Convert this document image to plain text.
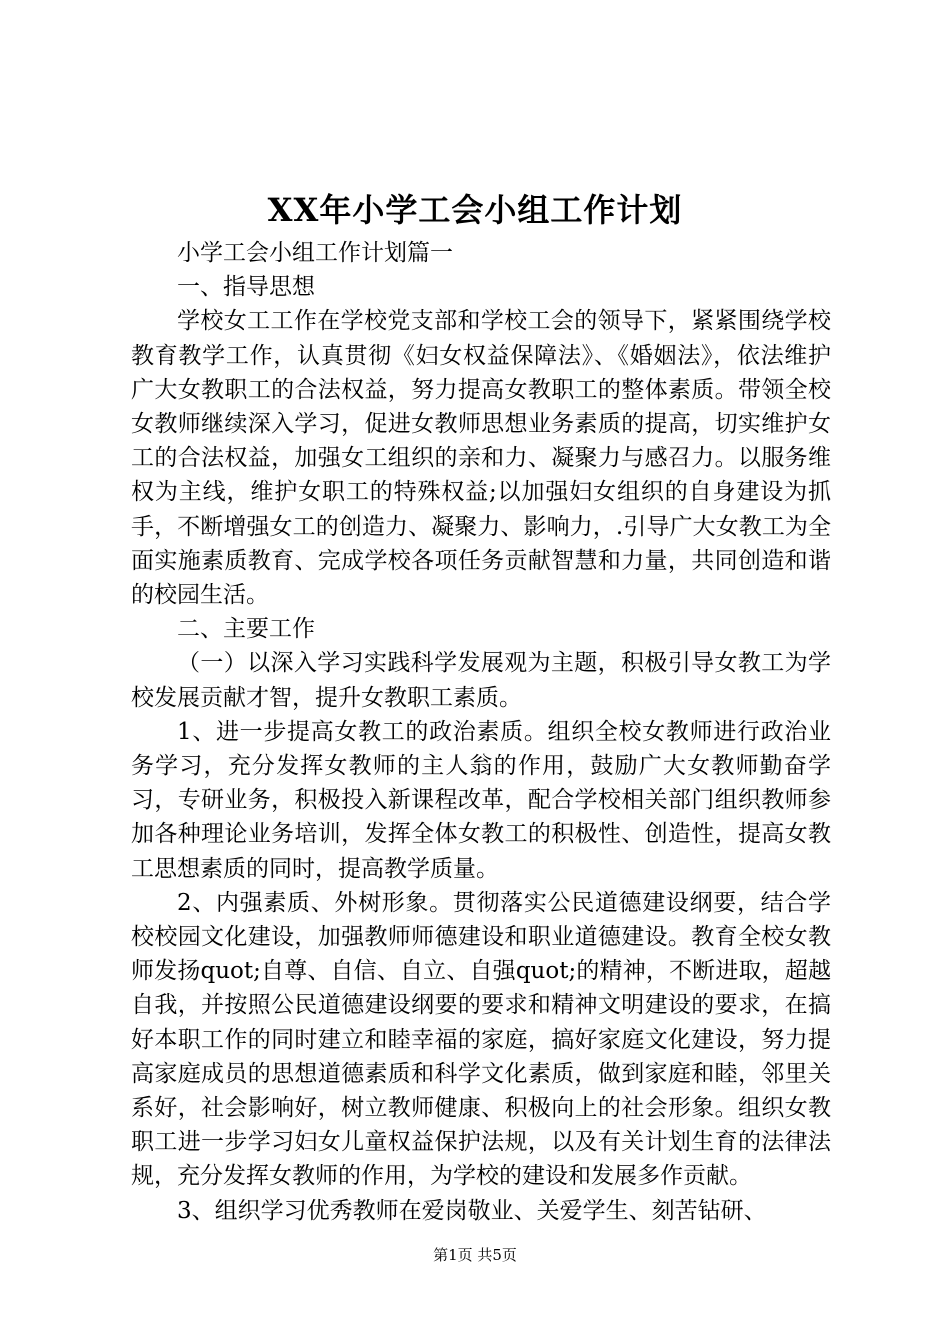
XX年小学工会小组工作计划

小学工会小组工作计划篇一

一、指导思想

学校女工工作在学校党支部和学校工会的领导下，紧紧围绕学校教育教学工作，认真贯彻《妇女权益保障法》、《婚姻法》，依法维护广大女教职工的合法权益，努力提高女教职工的整体素质。带领全校女教师继续深入学习，促进女教师思想业务素质的提高，切实维护女工的合法权益，加强女工组织的亲和力、凝聚力与感召力。以服务维权为主线，维护女职工的特殊权益;以加强妇女组织的自身建设为抓手，不断增强女工的创造力、凝聚力、影响力，.引导广大女教工为全面实施素质教育、完成学校各项任务贡献智慧和力量，共同创造和谐的校园生活。

二、主要工作

（一）以深入学习实践科学发展观为主题，积极引导女教工为学校发展贡献才智，提升女教职工素质。

1、进一步提高女教工的政治素质。组织全校女教师进行政治业务学习，充分发挥女教师的主人翁的作用，鼓励广大女教师勤奋学习，专研业务，积极投入新课程改革，配合学校相关部门组织教师参加各种理论业务培训，发挥全体女教工的积极性、创造性，提高女教工思想素质的同时，提高教学质量。

2、内强素质、外树形象。贯彻落实公民道德建设纲要，结合学校校园文化建设，加强教师师德建设和职业道德建设。教育全校女教师发扬quot;自尊、自信、自立、自强quot;的精神，不断进取，超越自我，并按照公民道德建设纲要的要求和精神文明建设的要求，在搞好本职工作的同时建立和睦幸福的家庭，搞好家庭文化建设，努力提高家庭成员的思想道德素质和科学文化素质，做到家庭和睦，邻里关系好，社会影响好，树立教师健康、积极向上的社会形象。组织女教职工进一步学习妇女儿童权益保护法规，以及有关计划生育的法律法规，充分发挥女教师的作用，为学校的建设和发展多作贡献。

3、组织学习优秀教师在爱岗敬业、关爱学生、刻苦钻研、

第1页 共5页
